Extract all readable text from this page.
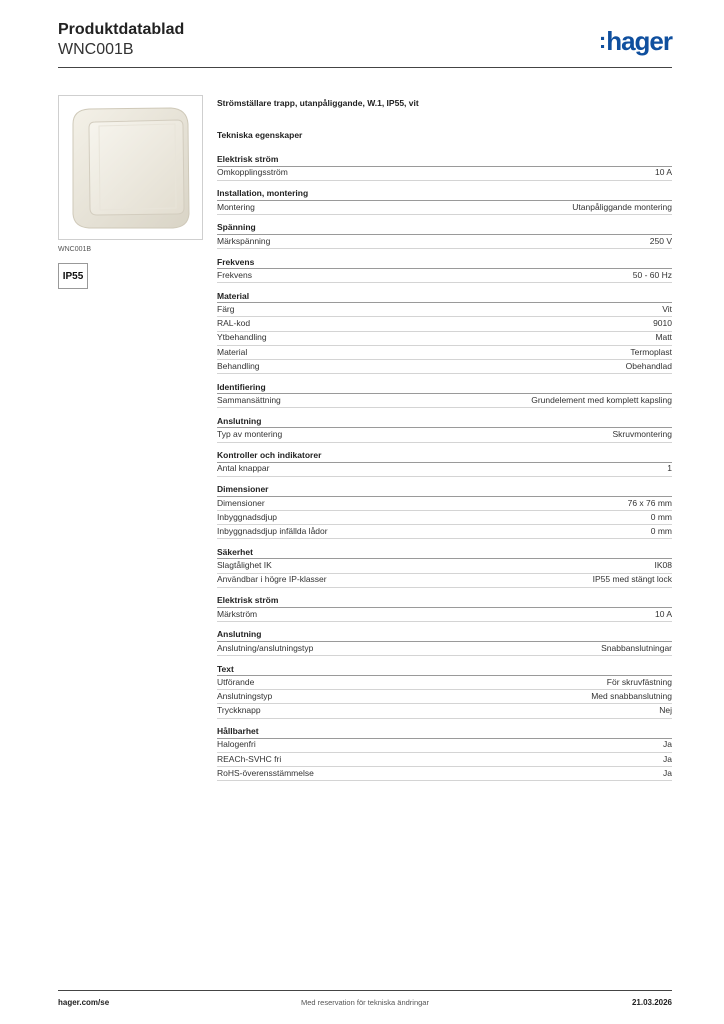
Produktdatablad
WNC001B	:hager
WNC001B
IP55
Strömställare trapp, utanpåliggande, W.1, IP55, vit
Tekniska egenskaper
Elektrisk ström
Omkopplingsström	10 A
Installation, montering
Montering	Utanpåliggande montering
Spänning
Märkspänning	250 V
Frekvens
Frekvens	50 - 60 Hz
Material
Färg	Vit
RAL-kod	9010
Ytbehandling	Matt
Material	Termoplast
Behandling	Obehandlad
Identifiering
Sammansättning	Grundelement med komplett kapsling
Anslutning
Typ av montering	Skruvmontering
Kontroller och indikatorer
Antal knappar	1
Dimensioner
Dimensioner	76 x 76 mm
Inbyggnadsdjup	0 mm
Inbyggnadsdjup infällda lådor	0 mm
Säkerhet
Slagtålighet IK	IK08
Användbar i högre IP-klasser	IP55 med stängt lock
Elektrisk ström
Märkström	10 A
Anslutning
Anslutning/anslutningstyp	Snabbanslutningar
Text
Utförande	För skruvfästning
Anslutningstyp	Med snabbanslutning
Tryckknapp	Nej
Hållbarhet
Halogenfri	Ja
REACh-SVHC fri	Ja
RoHS-överensstämmelse	Ja
hager.com/se	Med reservation för tekniska ändringar	21.03.2026
